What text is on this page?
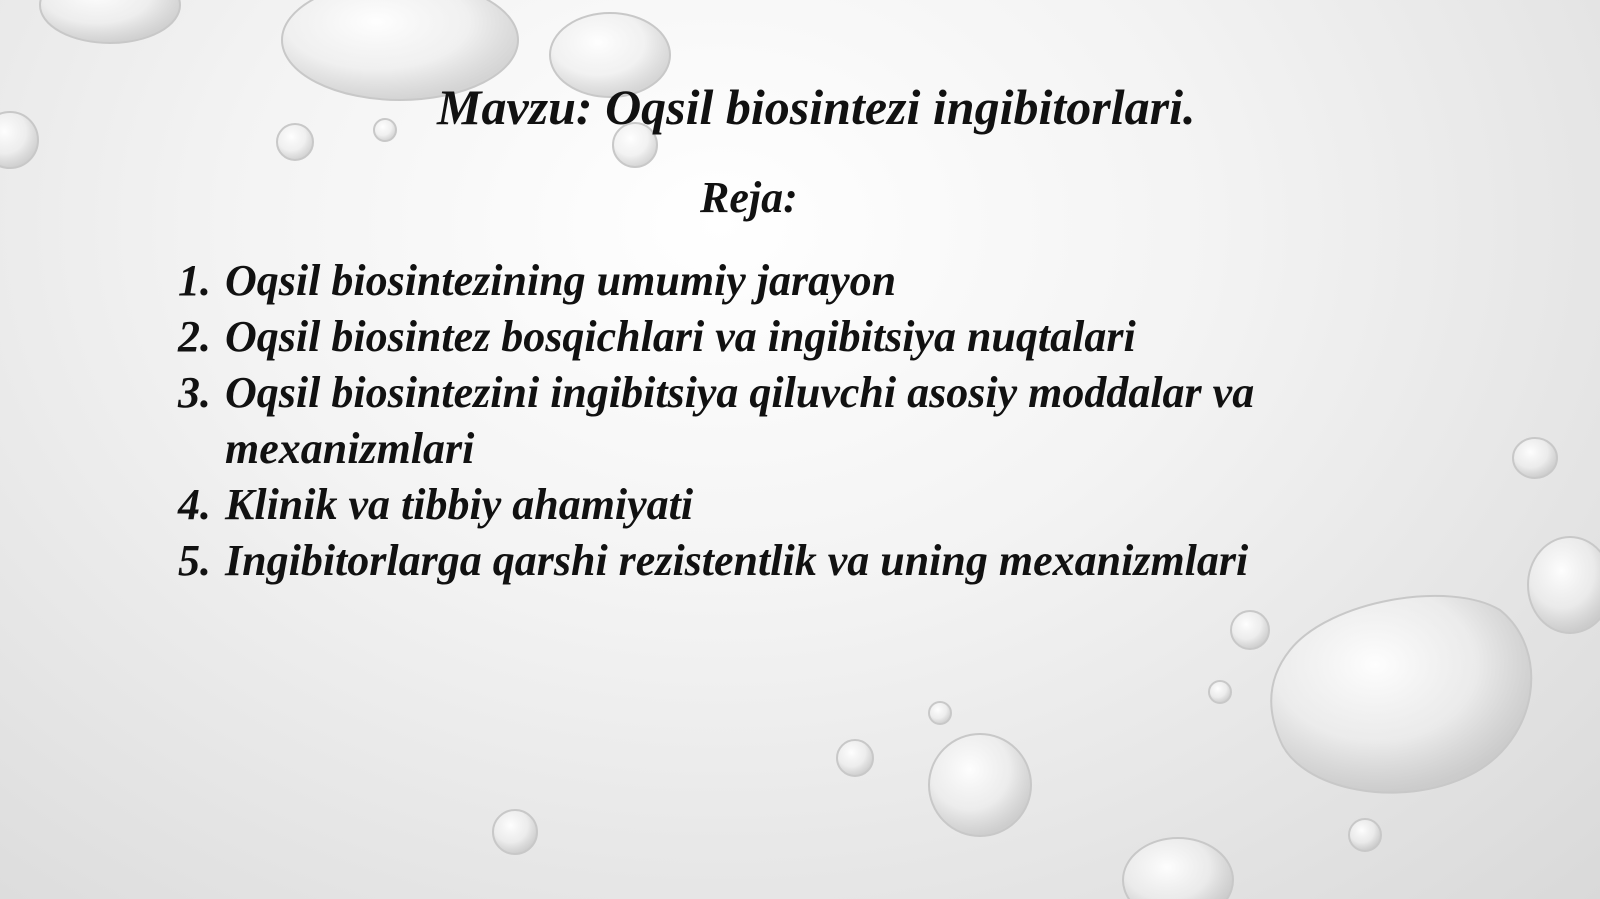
Mavzu: Oqsil biosintezi ingibitorlari.
Reja:
1. Oqsil biosintezining umumiy jarayon
2. Oqsil biosintez bosqichlari va ingibitsiya nuqtalari
3. Oqsil biosintezini ingibitsiya qiluvchi asosiy moddalar va mexanizmlari
4. Klinik va tibbiy ahamiyati
5. Ingibitorlarga qarshi rezistentlik va uning mexanizmlari
